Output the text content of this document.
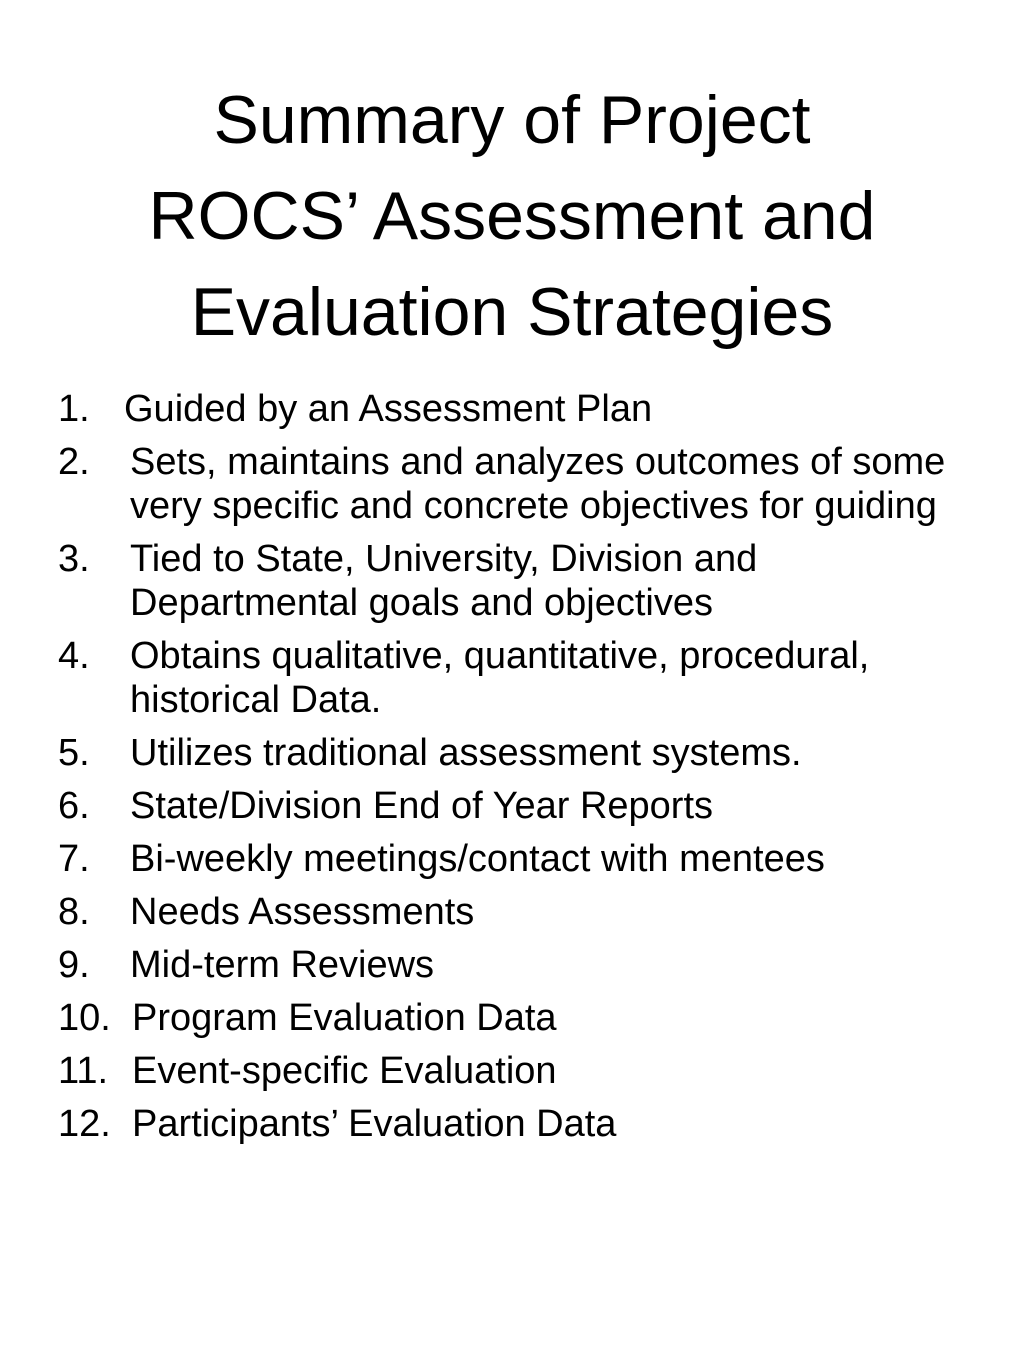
Summary of Project
ROCS’ Assessment and
Evaluation Strategies
1. Guided by an Assessment Plan
2.	Sets, maintains and analyzes outcomes of some very specific and concrete objectives for guiding
3.	Tied to State, University, Division and Departmental goals and objectives
4.	Obtains qualitative, quantitative, procedural, historical Data.
5.	Utilizes traditional assessment systems.
6.	State/Division End of Year Reports
7.	Bi-weekly meetings/contact with mentees
8.	Needs Assessments
9.	Mid-term Reviews
10. Program Evaluation Data
11. Event-specific Evaluation
12. Participants’ Evaluation Data
